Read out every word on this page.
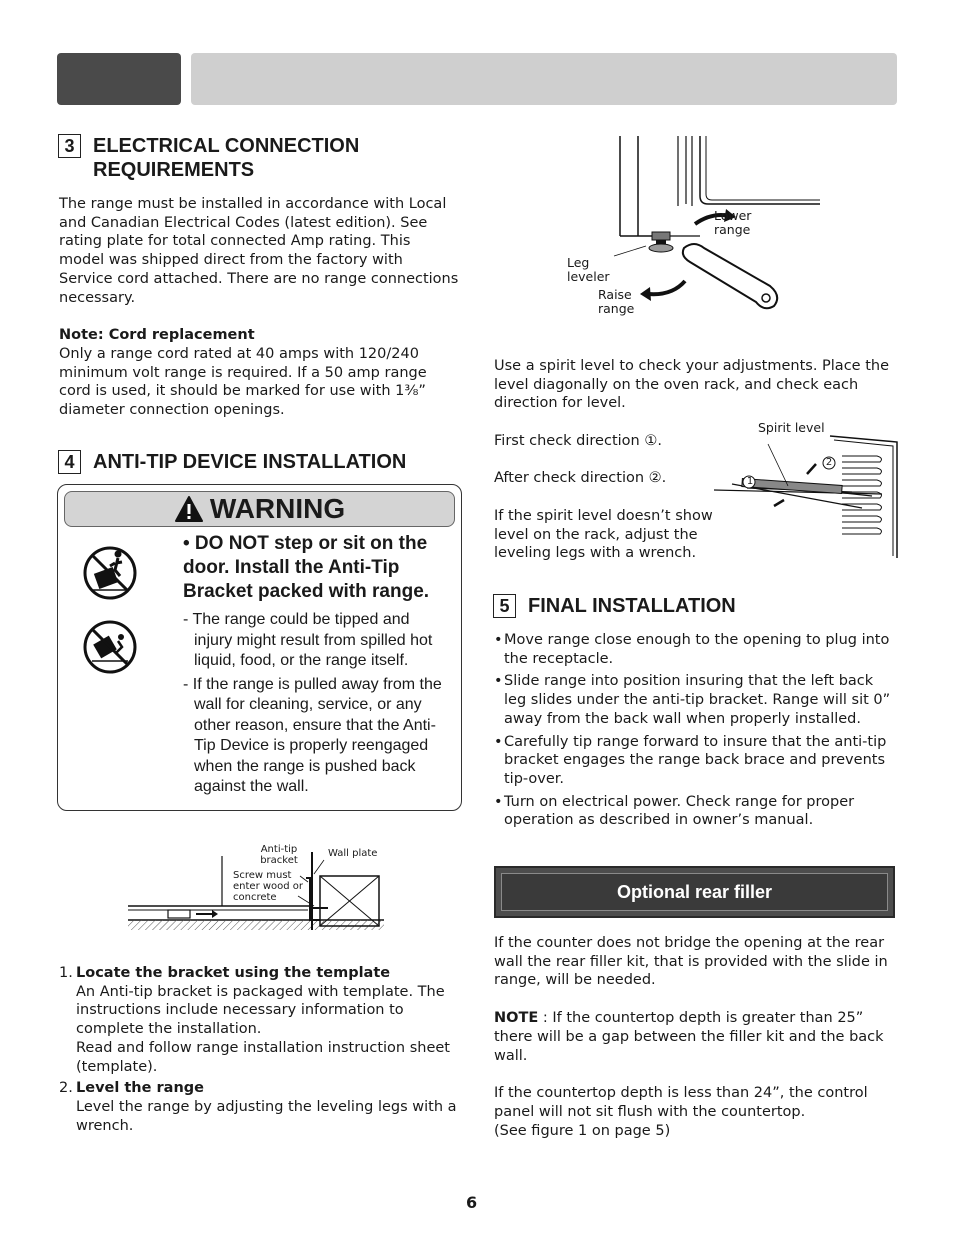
3 ELECTRICAL CONNECTION
REQUIREMENTS

The range must be installed in accordance with Local and Canadian Electrical Codes (latest edition). See rating plate for total connected Amp rating. This model was shipped direct from the factory with Service cord attached. There are no range connections necessary.

Note: Cord replacement

Only a range cord rated at 40 amps with 120/240 minimum volt range is required. If a 50 amp range cord is used, it should be marked for use with 1⅜” diameter connection openings.

4 ANTI-TIP DEVICE INSTALLATION
WARNING
• DO NOT step or sit on the door. Install the Anti-Tip Bracket packed with range.
- The range could be tipped and injury might result from spilled hot liquid, food, or the range itself.
- If the range is pulled away from the wall for cleaning, service, or any other reason, ensure that the Anti-Tip Device is properly reengaged when the range is pushed back against the wall.
Anti-tip bracket
Screw must enter wood or concrete
Wall plate
1. Locate the bracket using the template
An Anti-tip bracket is packaged with template. The instructions include necessary information to complete the installation.
Read and follow range installation instruction sheet (template).
2. Level the range
Level the range by adjusting the leveling legs with a wrench.
Lower range
Leg leveler
Raise range
Use a spirit level to check your adjustments. Place the level diagonally on the oven rack, and check each direction for level.
First check direction ①.
After check direction ②.
If the spirit level doesn’t show level on the rack, adjust the leveling legs with a wrench.
Spirit level
1
2
5 FINAL INSTALLATION
• Move range close enough to the opening to plug into the receptacle.
• Slide range into position insuring that the left back leg slides under the anti-tip bracket. Range will sit 0” away from the back wall when properly installed.
• Carefully tip range forward to insure that the anti-tip bracket engages the range back brace and prevents tip-over.
• Turn on electrical power. Check range for proper operation as described in owner’s manual.
Optional rear filler

If the counter does not bridge the opening at the rear wall the rear filler kit, that is provided with the slide in range, will be needed.

NOTE : If the countertop depth is greater than 25” there will be a gap between the filler kit and the back wall.

If the countertop depth is less than 24”, the control panel will not sit flush with the countertop.

(See figure 1 on page 5)

6
